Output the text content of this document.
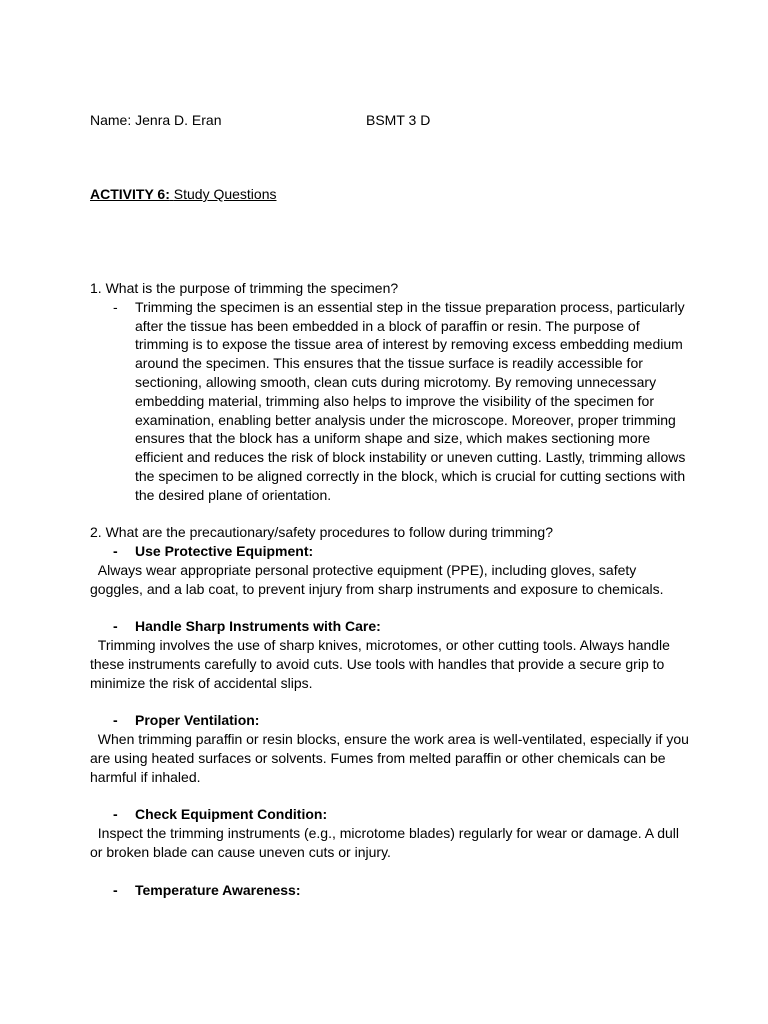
Name: Jenra D. Eran	BSMT 3 D
ACTIVITY 6: Study Questions

1. What is the purpose of trimming the specimen?

- Trimming the specimen is an essential step in the tissue preparation process, particularly after the tissue has been embedded in a block of paraffin or resin. The purpose of trimming is to expose the tissue area of interest by removing excess embedding medium around the specimen. This ensures that the tissue surface is readily accessible for sectioning, allowing smooth, clean cuts during microtomy. By removing unnecessary embedding material, trimming also helps to improve the visibility of the specimen for examination, enabling better analysis under the microscope. Moreover, proper trimming ensures that the block has a uniform shape and size, which makes sectioning more efficient and reduces the risk of block instability or uneven cutting. Lastly, trimming allows the specimen to be aligned correctly in the block, which is crucial for cutting sections with the desired plane of orientation.

2. What are the precautionary/safety procedures to follow during trimming?

- Use Protective Equipment:

Always wear appropriate personal protective equipment (PPE), including gloves, safety goggles, and a lab coat, to prevent injury from sharp instruments and exposure to chemicals.

- Handle Sharp Instruments with Care:

Trimming involves the use of sharp knives, microtomes, or other cutting tools. Always handle these instruments carefully to avoid cuts. Use tools with handles that provide a secure grip to minimize the risk of accidental slips.

- Proper Ventilation:

When trimming paraffin or resin blocks, ensure the work area is well-ventilated, especially if you are using heated surfaces or solvents. Fumes from melted paraffin or other chemicals can be harmful if inhaled.

- Check Equipment Condition:

Inspect the trimming instruments (e.g., microtome blades) regularly for wear or damage. A dull or broken blade can cause uneven cuts or injury.

- Temperature Awareness:
